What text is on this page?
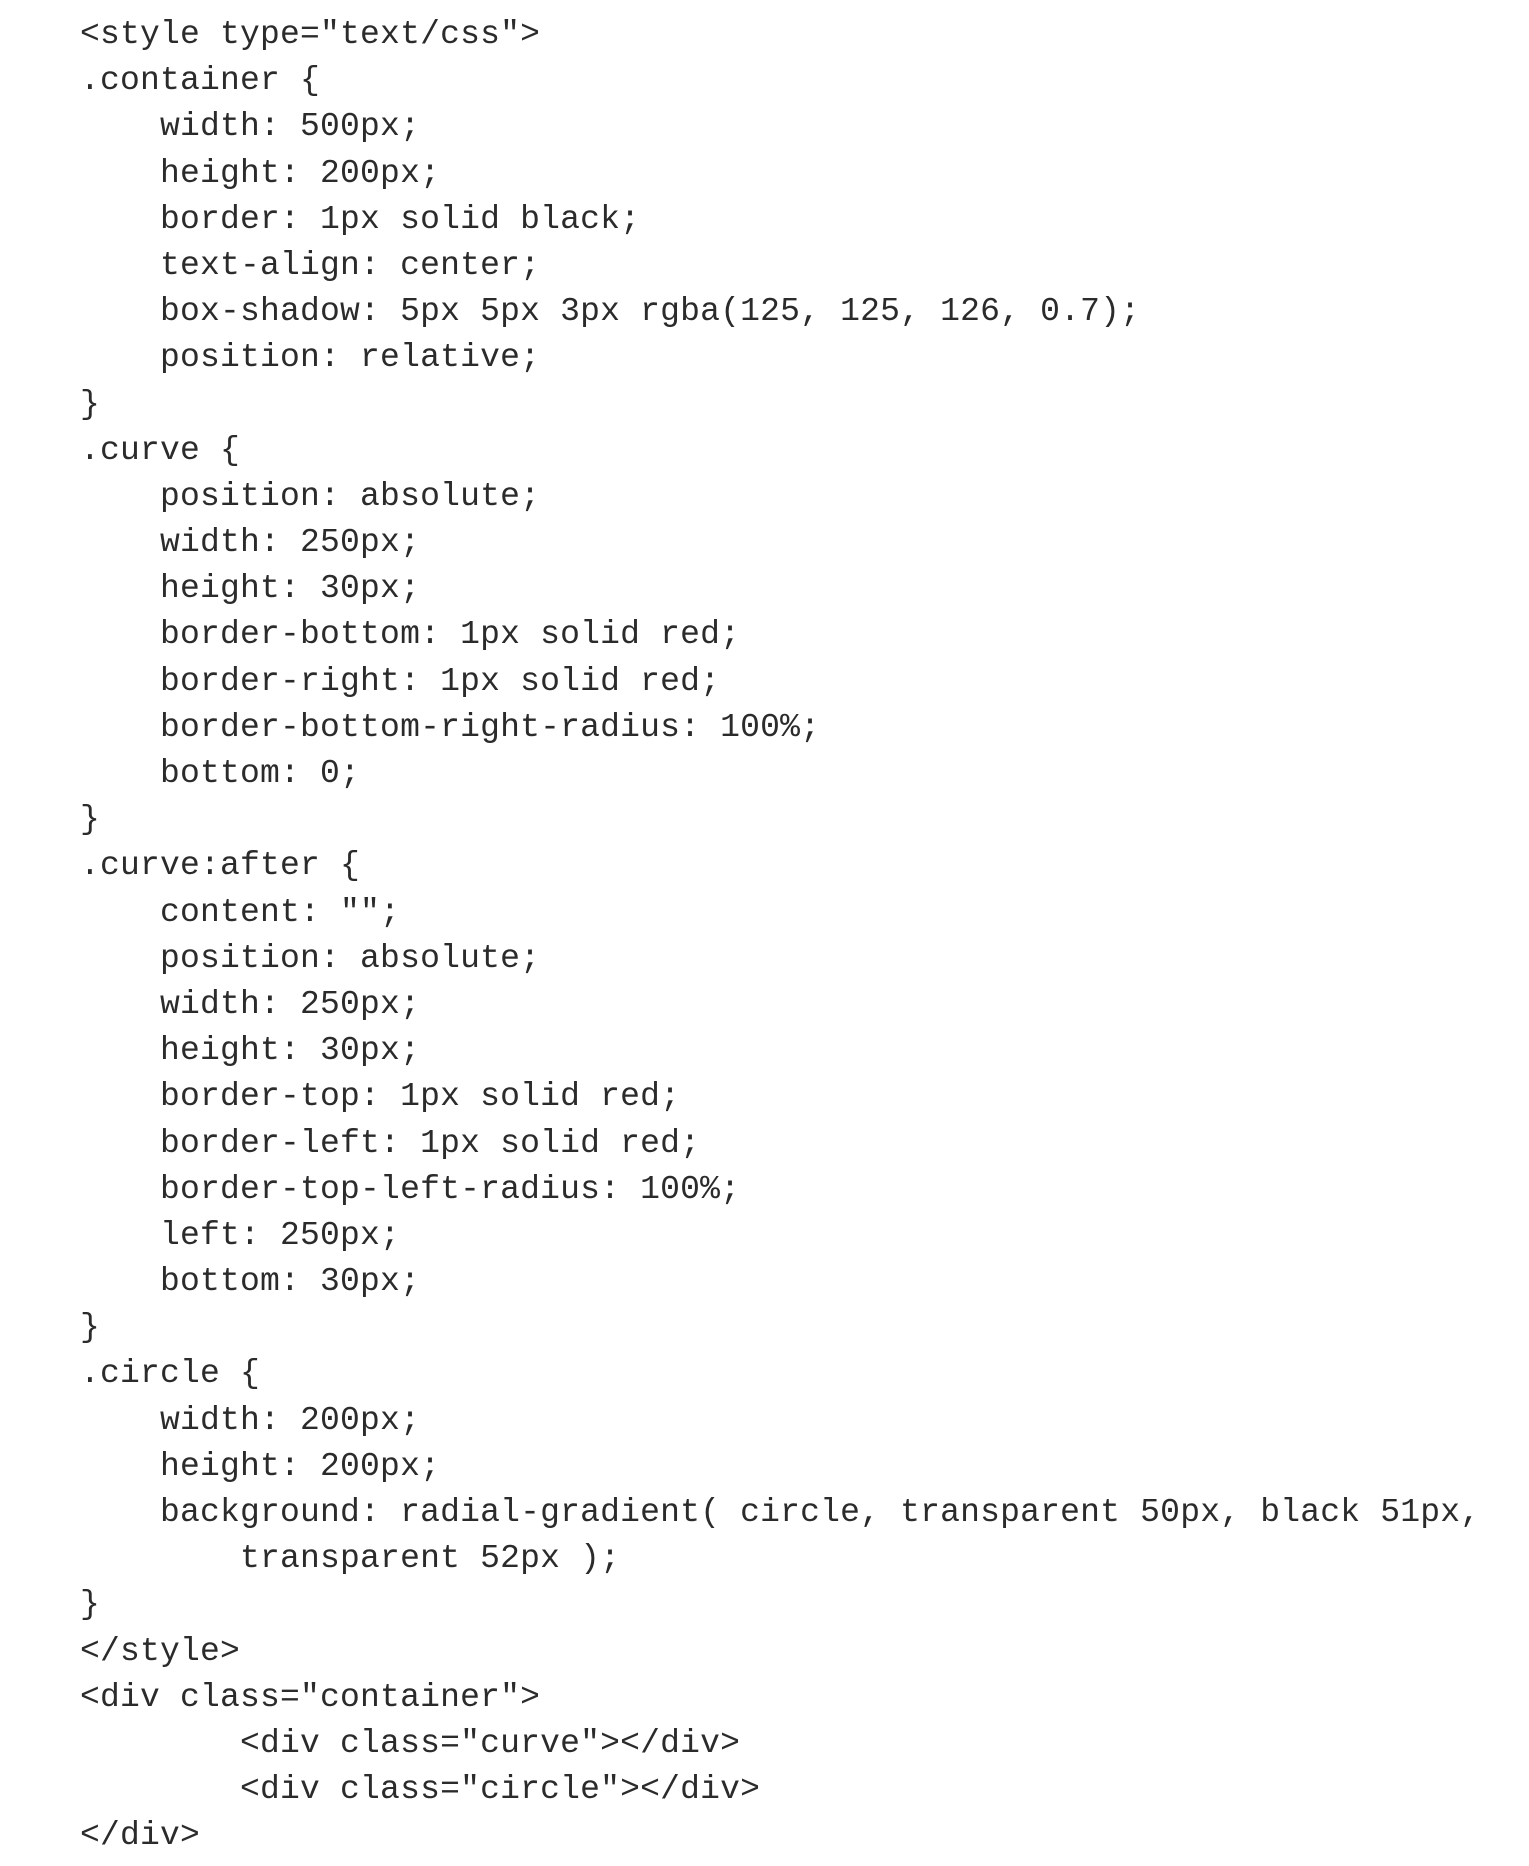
<style type="text/css">
.container {
width: 500px;
height: 200px;
border: 1px solid black;
text-align: center;
box-shadow: 5px 5px 3px rgba(125, 125, 126, 0.7);
position: relative;
}
.curve {
position: absolute;
width: 250px;
height: 30px;
border-bottom: 1px solid red;
border-right: 1px solid red;
border-bottom-right-radius: 100%;
bottom: 0;
}
.curve:after {
content: "";
position: absolute;
width: 250px;
height: 30px;
border-top: 1px solid red;
border-left: 1px solid red;
border-top-left-radius: 100%;
left: 250px;
bottom: 30px;
}
.circle {
width: 200px;
height: 200px;
background: radial-gradient( circle, transparent 50px, black 51px,
transparent 52px );
}
</style>
<div class="container">
<div class="curve"></div>
<div class="circle"></div>
</div>
